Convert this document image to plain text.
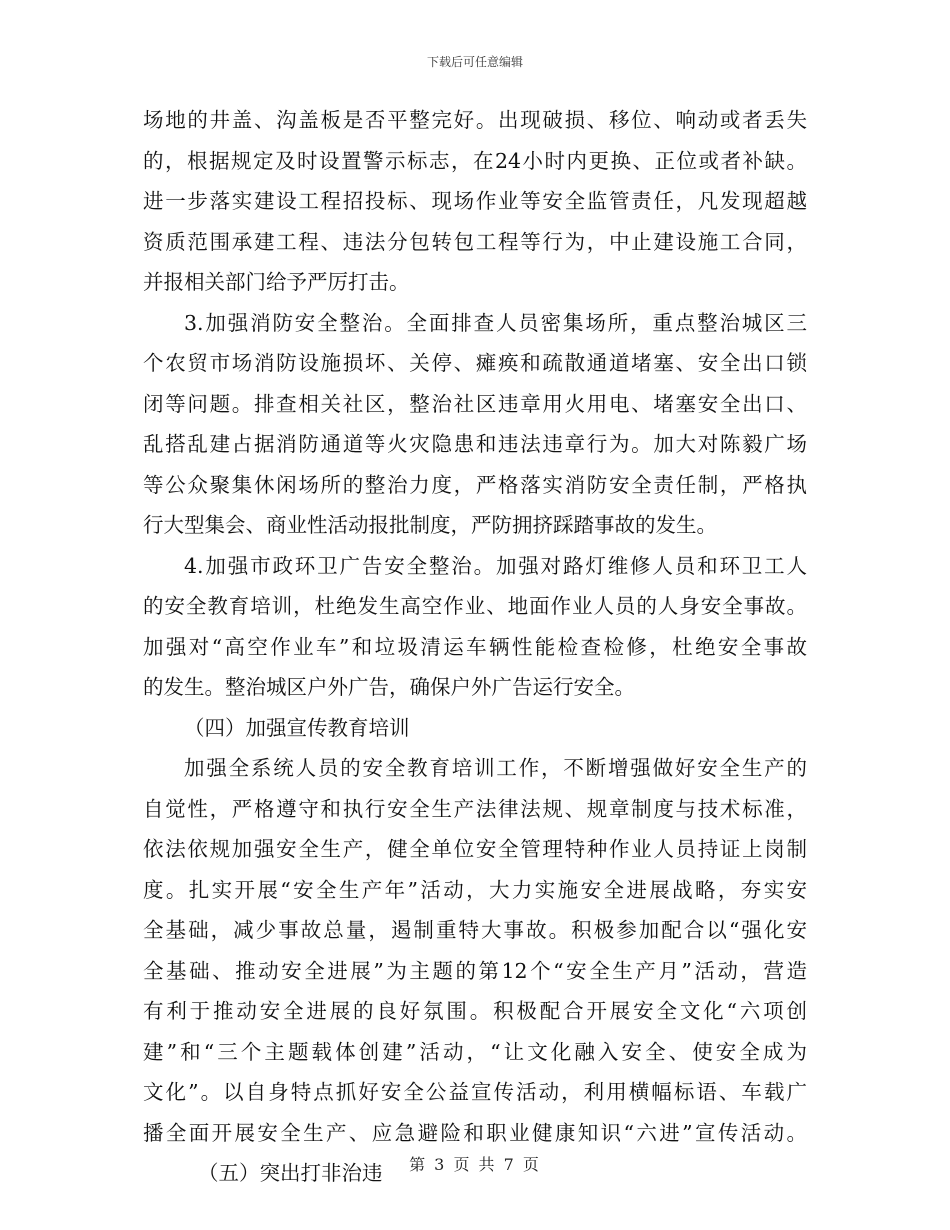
下载后可任意编辑
场地的井盖、沟盖板是否平整完好。出现破损、移位、响动或者丢失
的，根据规定及时设置警示标志，在24小时内更换、正位或者补缺。
进一步落实建设工程招投标、现场作业等安全监管责任，凡发现超越
资质范围承建工程、违法分包转包工程等行为，中止建设施工合同，
并报相关部门给予严厉打击。
3.加强消防安全整治。全面排查人员密集场所，重点整治城区三
个农贸市场消防设施损坏、关停、瘫痪和疏散通道堵塞、安全出口锁
闭等问题。排查相关社区，整治社区违章用火用电、堵塞安全出口、
乱搭乱建占据消防通道等火灾隐患和违法违章行为。加大对陈毅广场
等公众聚集休闲场所的整治力度，严格落实消防安全责任制，严格执
行大型集会、商业性活动报批制度，严防拥挤踩踏事故的发生。
4.加强市政环卫广告安全整治。加强对路灯维修人员和环卫工人
的安全教育培训，杜绝发生高空作业、地面作业人员的人身安全事故。
加强对“高空作业车”和垃圾清运车辆性能检查检修，杜绝安全事故
的发生。整治城区户外广告，确保户外广告运行安全。
（四）加强宣传教育培训
加强全系统人员的安全教育培训工作，不断增强做好安全生产的
自觉性，严格遵守和执行安全生产法律法规、规章制度与技术标准，
依法依规加强安全生产，健全单位安全管理特种作业人员持证上岗制
度。扎实开展“安全生产年”活动，大力实施安全进展战略，夯实安
全基础，减少事故总量，遏制重特大事故。积极参加配合以“强化安
全基础、推动安全进展”为主题的第12个“安全生产月”活动，营造
有利于推动安全进展的良好氛围。积极配合开展安全文化“六项创
建”和“三个主题载体创建”活动，“让文化融入安全、使安全成为
文化”。以自身特点抓好安全公益宣传活动，利用横幅标语、车载广
播全面开展安全生产、应急避险和职业健康知识“六进”宣传活动。
（五）突出打非治违	第 3 页 共 7 页
